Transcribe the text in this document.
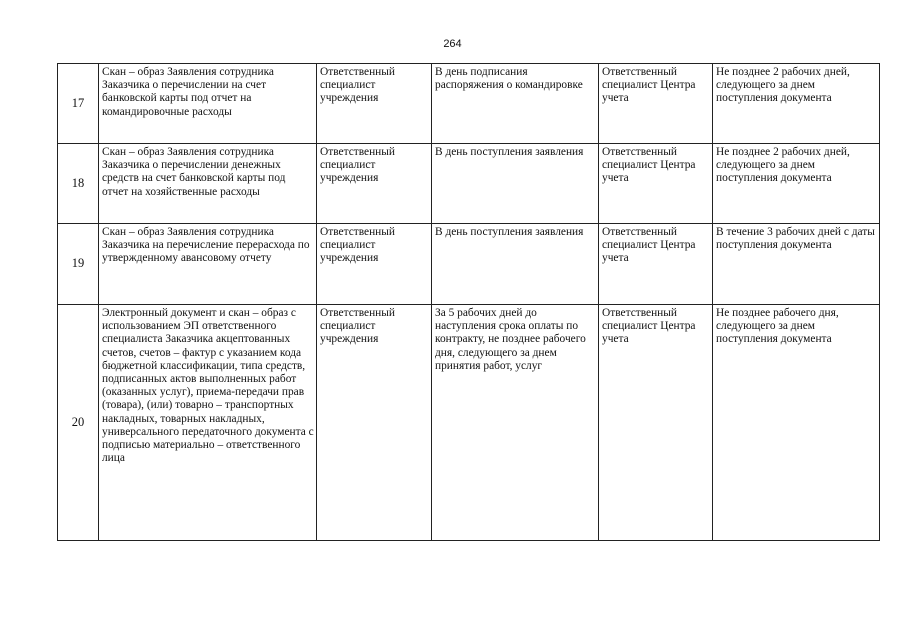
264
17	Скан – образ Заявления сотрудника Заказчика о перечислении на счет банковской карты под отчет на командировочные расходы	Ответственный специалист учреждения	В день подписания распоряжения о командировке	Ответственный специалист Центра учета	Не позднее 2 рабочих дней, следующего за днем поступления документа
18	Скан – образ Заявления сотрудника Заказчика о перечислении денежных средств на счет банковской карты под отчет на хозяйственные расходы	Ответственный специалист учреждения	В день поступления заявления	Ответственный специалист Центра учета	Не позднее 2 рабочих дней, следующего за днем поступления документа
19	Скан – образ Заявления сотрудника Заказчика на перечисление перерасхода по утвержденному авансовому отчету	Ответственный специалист учреждения	В день поступления заявления	Ответственный специалист Центра учета	В течение 3 рабочих дней с даты поступления документа
20	Электронный документ и скан – образ с использованием ЭП ответственного специалиста Заказчика акцептованных счетов, счетов – фактур с указанием кода бюджетной классификации, типа средств, подписанных актов выполненных работ (оказанных услуг), приема-передачи прав (товара), (или) товарно – транспортных накладных, товарных накладных, универсального передаточного документа с подписью материально – ответственного лица	Ответственный специалист учреждения	За 5 рабочих дней до наступления срока оплаты по контракту, не позднее рабочего дня, следующего за днем принятия работ, услуг	Ответственный специалист Центра учета	Не позднее рабочего дня, следующего за днем поступления документа
